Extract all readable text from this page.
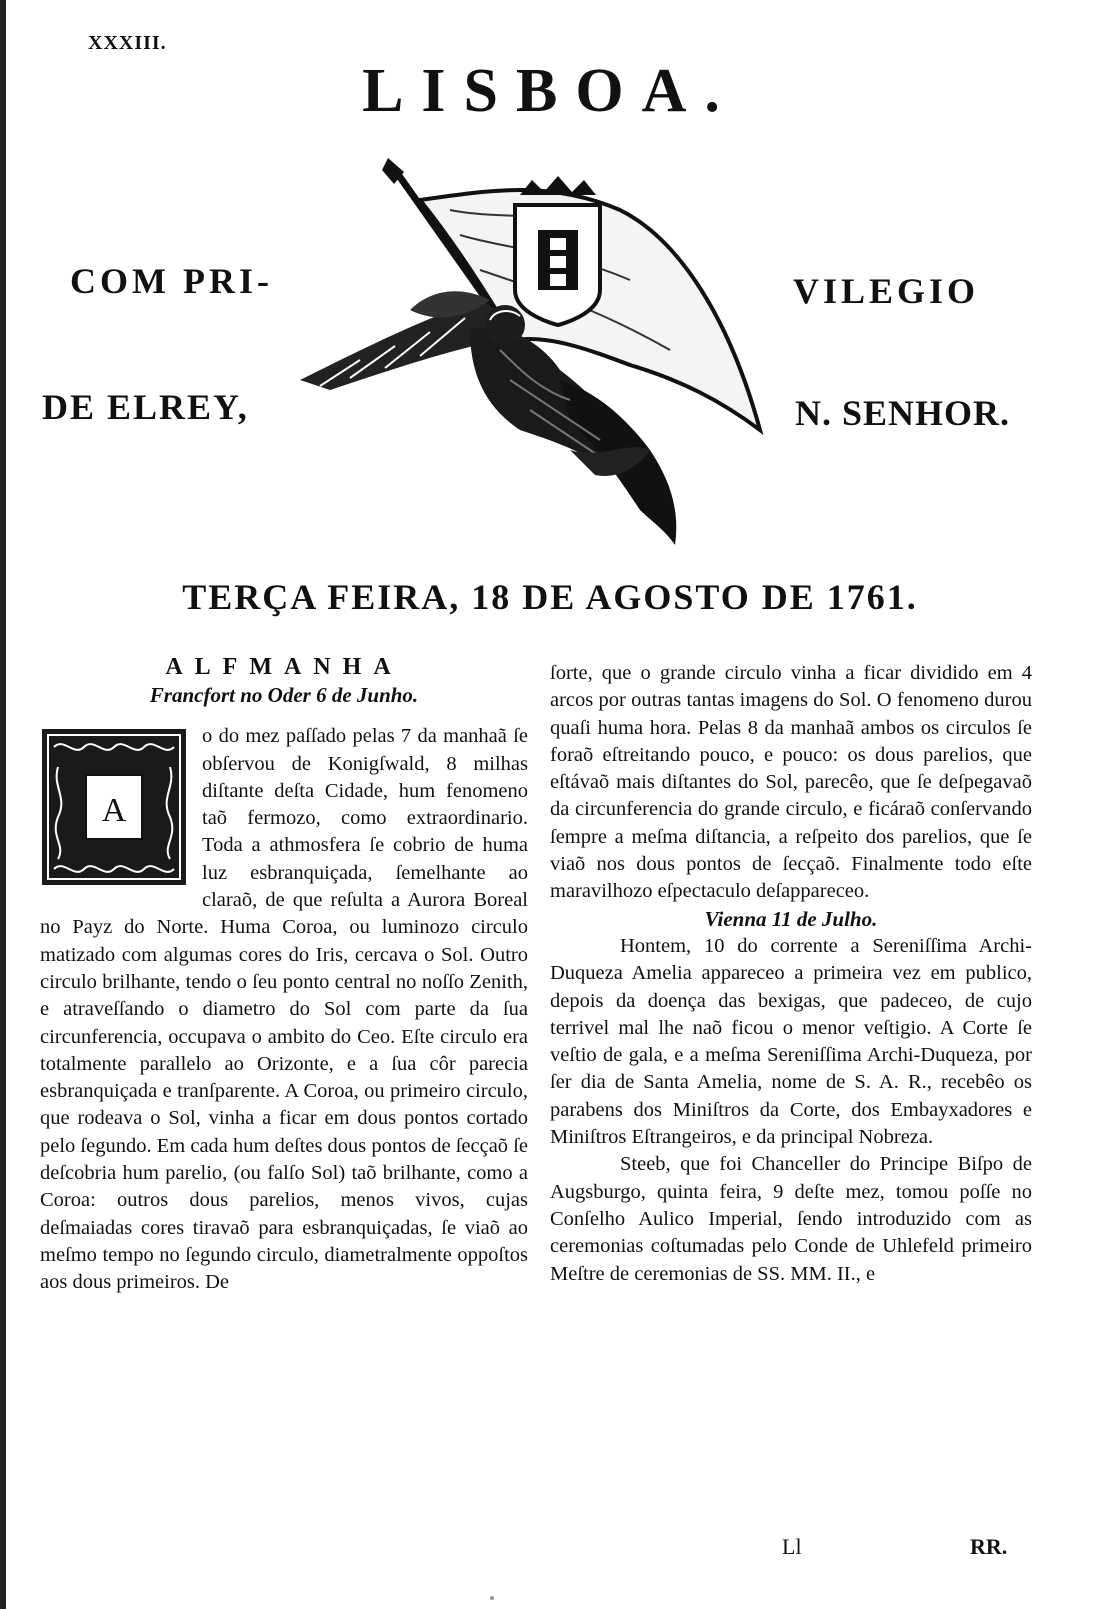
XXXIII.
LISBOA.
COM PRI-	VILEGIO
DE ELREY,	N. SENHOR.
TERÇA FEIRA, 18 DE AGOSTO DE 1761.
ALFMANHA
Francfort no Oder 6 de Junho.
A

o do mez paſſado pelas 7 da manhaã ſe obſervou de Konigſwald, 8 milhas diſtante deſta Cidade, hum fenomeno taõ fermozo, como extraordinario. Toda a athmosfera ſe cobrio de huma luz esbranquiçada, ſemelhante ao claraõ, de que reſulta a Aurora Boreal no Payz do Norte. Huma Coroa, ou luminozo circulo matizado com algumas cores do Iris, cercava o Sol. Outro circulo brilhante, tendo o ſeu ponto central no noſſo Zenith, e atraveſſando o diametro do Sol com parte da ſua circunferencia, occupava o ambito do Ceo. Eſte circulo era totalmente parallelo ao Orizonte, e a ſua côr parecia esbranquiçada e tranſparente. A Coroa, ou primeiro circulo, que rodeava o Sol, vinha a ficar em dous pontos cortado pelo ſegundo. Em cada hum deſtes dous pontos de ſecçaõ ſe deſcobria hum parelio, (ou falſo Sol) taõ brilhante, como a Coroa: outros dous parelios, menos vivos, cujas deſmaiadas cores tiravaõ para esbranquiçadas, ſe viaõ ao meſmo tempo no ſegundo circulo, diametralmente oppoſtos aos dous primeiros. De

ſorte, que o grande circulo vinha a ficar dividido em 4 arcos por outras tantas imagens do Sol. O fenomeno durou quaſi huma hora. Pelas 8 da manhaã ambos os circulos ſe foraõ eſtreitando pouco, e pouco: os dous parelios, que eſtávaõ mais diſtantes do Sol, parecêo, que ſe deſpegavaõ da circunferencia do grande circulo, e ficáraõ conſervando ſempre a meſma diſtancia, a reſpeito dos parelios, que ſe viaõ nos dous pontos de ſecçaõ. Finalmente todo eſte maravilhozo eſpectaculo deſappareceo.

Vienna 11 de Julho.

Hontem, 10 do corrente a Sereniſſima Archi-Duqueza Amelia appareceo a primeira vez em publico, depois da doença das bexigas, que padeceo, de cujo terrivel mal lhe naõ ficou o menor veſtigio. A Corte ſe veſtio de gala, e a meſma Sereniſſima Archi-Duqueza, por ſer dia de Santa Amelia, nome de S. A. R., recebêo os parabens dos Miniſtros da Corte, dos Embayxadores e Miniſtros Eſtrangeiros, e da principal Nobreza.

Steeb, que foi Chanceller do Principe Biſpo de Augsburgo, quinta feira, 9 deſte mez, tomou poſſe no Conſelho Aulico Imperial, ſendo introduzido com as ceremonias coſtumadas pelo Conde de Uhlefeld primeiro Meſtre de ceremonias de SS. MM. II., e

Ll	RR.
